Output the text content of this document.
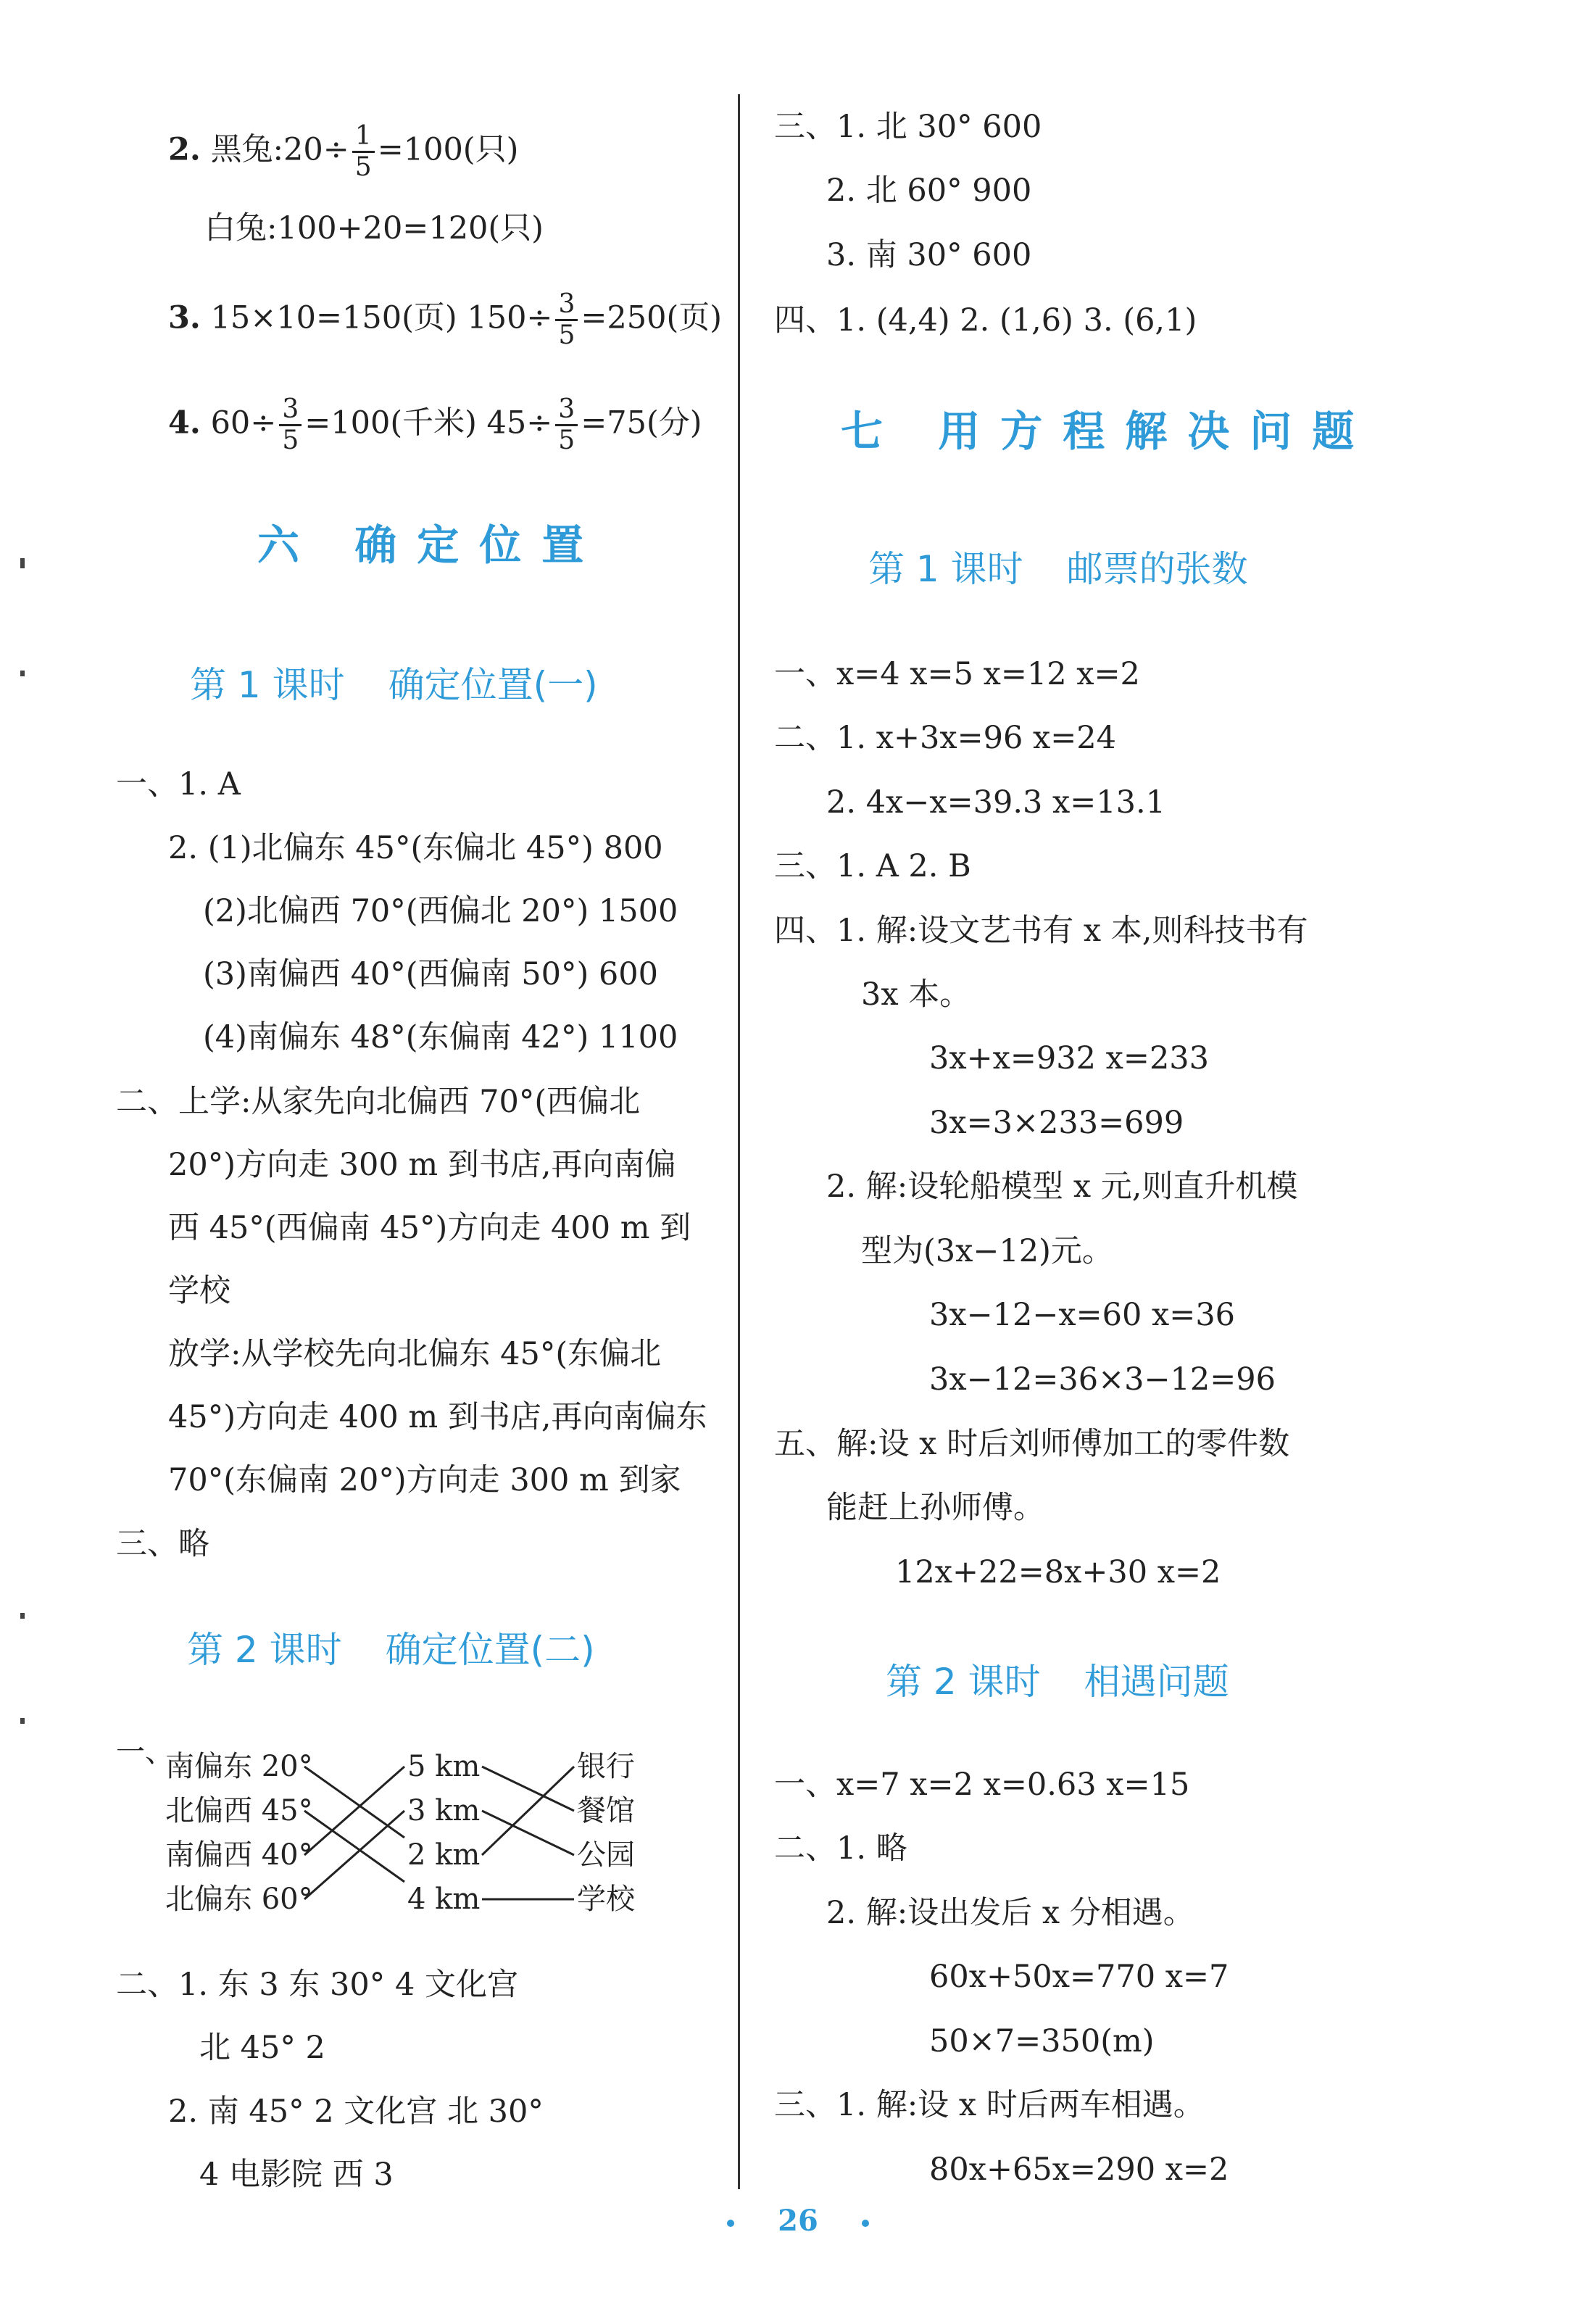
2. 黑兔:20÷ $\frac{1}{5} =100$(只)
白兔:100+20=120(只)
3. 15×10=150(页) $150\div \frac{3}{5} =250$(页)
4. $60\div \frac{3}{5} =100$(千米) $45\div \frac{3}{5} =75$(分)
六 确定位置
第 1 课时 确定位置(一)
一、1. A
2. (1)北偏东 45°(东偏北 45°) 800
(2)北偏西 70°(西偏北 20°) 1500
(3)南偏西 40°(西偏南 50°) 600
(4)南偏东 48°(东偏南 42°) 1100
二、上学:从家先向北偏西 70°(西偏北
20°)方向走 300 m 到书店,再向南偏
西 45°(西偏南 45°)方向走 400 m 到
学校
放学:从学校先向北偏东 45°(东偏北
45°)方向走 400 m 到书店,再向南偏东
70°(东偏南 20°)方向走 300 m 到家
三、略
第 2 课时 确定位置(二)
一、
南偏东 20°
北偏西 45°
南偏西 40°
北偏东 60°
5 km
3 km
2 km
4 km
银行
餐馆
公园
学校
二、1. 东 3 东 30° 4 文化宫
北 45° 2
2. 南 45° 2 文化宫 北 30°
4 电影院 西 3
三、1. 北 30° 600
2. 北 60° 900
3. 南 30° 600
四、1. (4,4) 2. (1,6) 3. (6,1)
七 用方程解决问题
第 1 课时 邮票的张数
一、x=4 x=5 x=12 x=2
二、1. x+3x=96 x=24
2. 4x−x=39.3 x=13.1
三、1. A 2. B
四、1. 解:设文艺书有 x 本,则科技书有
3x 本。
3x+x=932 x=233
3x=3×233=699
2. 解:设轮船模型 x 元,则直升机模
型为(3x−12)元。
3x−12−x=60 x=36
3x−12=36×3−12=96
五、解:设 x 时后刘师傅加工的零件数
能赶上孙师傅。
12x+22=8x+30 x=2
第 2 课时 相遇问题
一、x=7 x=2 x=0.63 x=15
二、1. 略
2. 解:设出发后 x 分相遇。
60x+50x=770 x=7
50×7=350(m)
三、1. 解:设 x 时后两车相遇。
80x+65x=290 x=2
26
